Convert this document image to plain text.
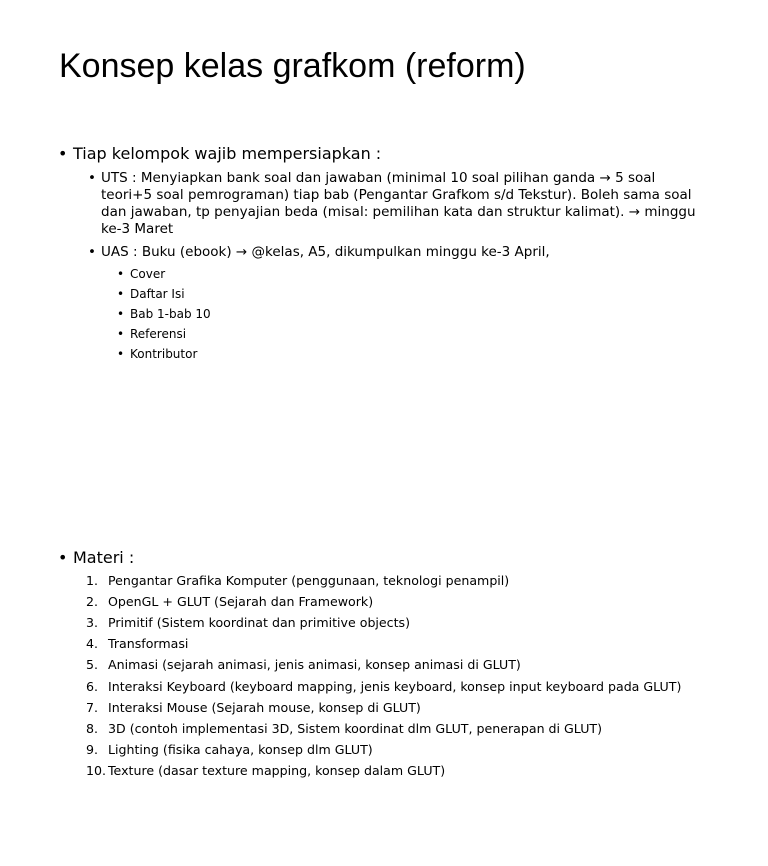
Konsep kelas grafkom (reform)
• Tiap kelompok wajib mempersiapkan :
• UTS : Menyiapkan bank soal dan jawaban (minimal 10 soal pilihan ganda → 5 soal teori+5 soal pemrograman) tiap bab (Pengantar Grafkom s/d Tekstur). Boleh sama soal dan jawaban, tp penyajian beda (misal: pemilihan kata dan struktur kalimat). → minggu ke-3 Maret
• UAS : Buku (ebook) → @kelas, A5, dikumpulkan minggu ke-3 April,
• Cover
• Daftar Isi
• Bab 1-bab 10
• Referensi
• Kontributor
• Materi :
1. Pengantar Grafika Komputer (penggunaan, teknologi penampil)
2. OpenGL + GLUT (Sejarah dan Framework)
3. Primitif (Sistem koordinat dan primitive objects)
4. Transformasi
5. Animasi (sejarah animasi, jenis animasi, konsep animasi di GLUT)
6. Interaksi Keyboard (keyboard mapping, jenis keyboard, konsep input keyboard pada GLUT)
7. Interaksi Mouse (Sejarah mouse, konsep di GLUT)
8. 3D (contoh implementasi 3D, Sistem koordinat dlm GLUT, penerapan di GLUT)
9. Lighting (fisika cahaya, konsep dlm GLUT)
10. Texture (dasar texture mapping, konsep dalam GLUT)
